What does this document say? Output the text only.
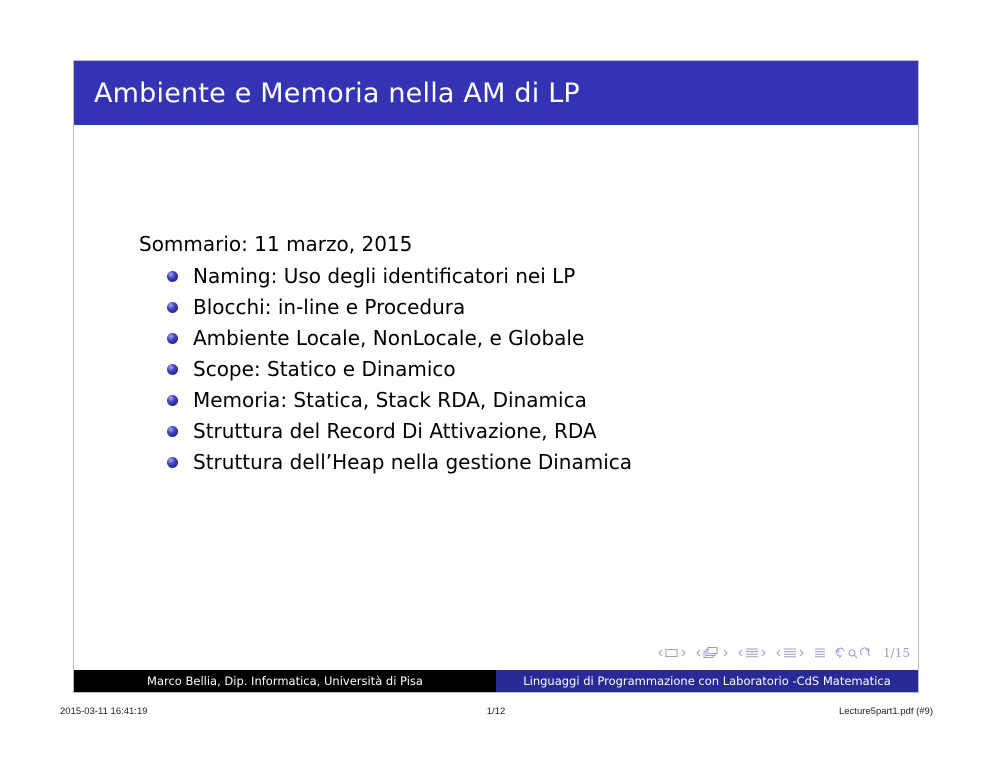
Ambiente e Memoria nella AM di LP
Sommario: 11 marzo, 2015
Naming: Uso degli identificatori nei LP
Blocchi: in-line e Procedura
Ambiente Locale, NonLocale, e Globale
Scope: Statico e Dinamico
Memoria: Statica, Stack RDA, Dinamica
Struttura del Record Di Attivazione, RDA
Struttura dell’Heap nella gestione Dinamica
1/15
Marco Bellia, Dip. Informatica, Università di Pisa	Linguaggi di Programmazione con Laboratorio -CdS Matematica
2015-03-11 16:41:19	1/12	Lecture5part1.pdf (#9)
